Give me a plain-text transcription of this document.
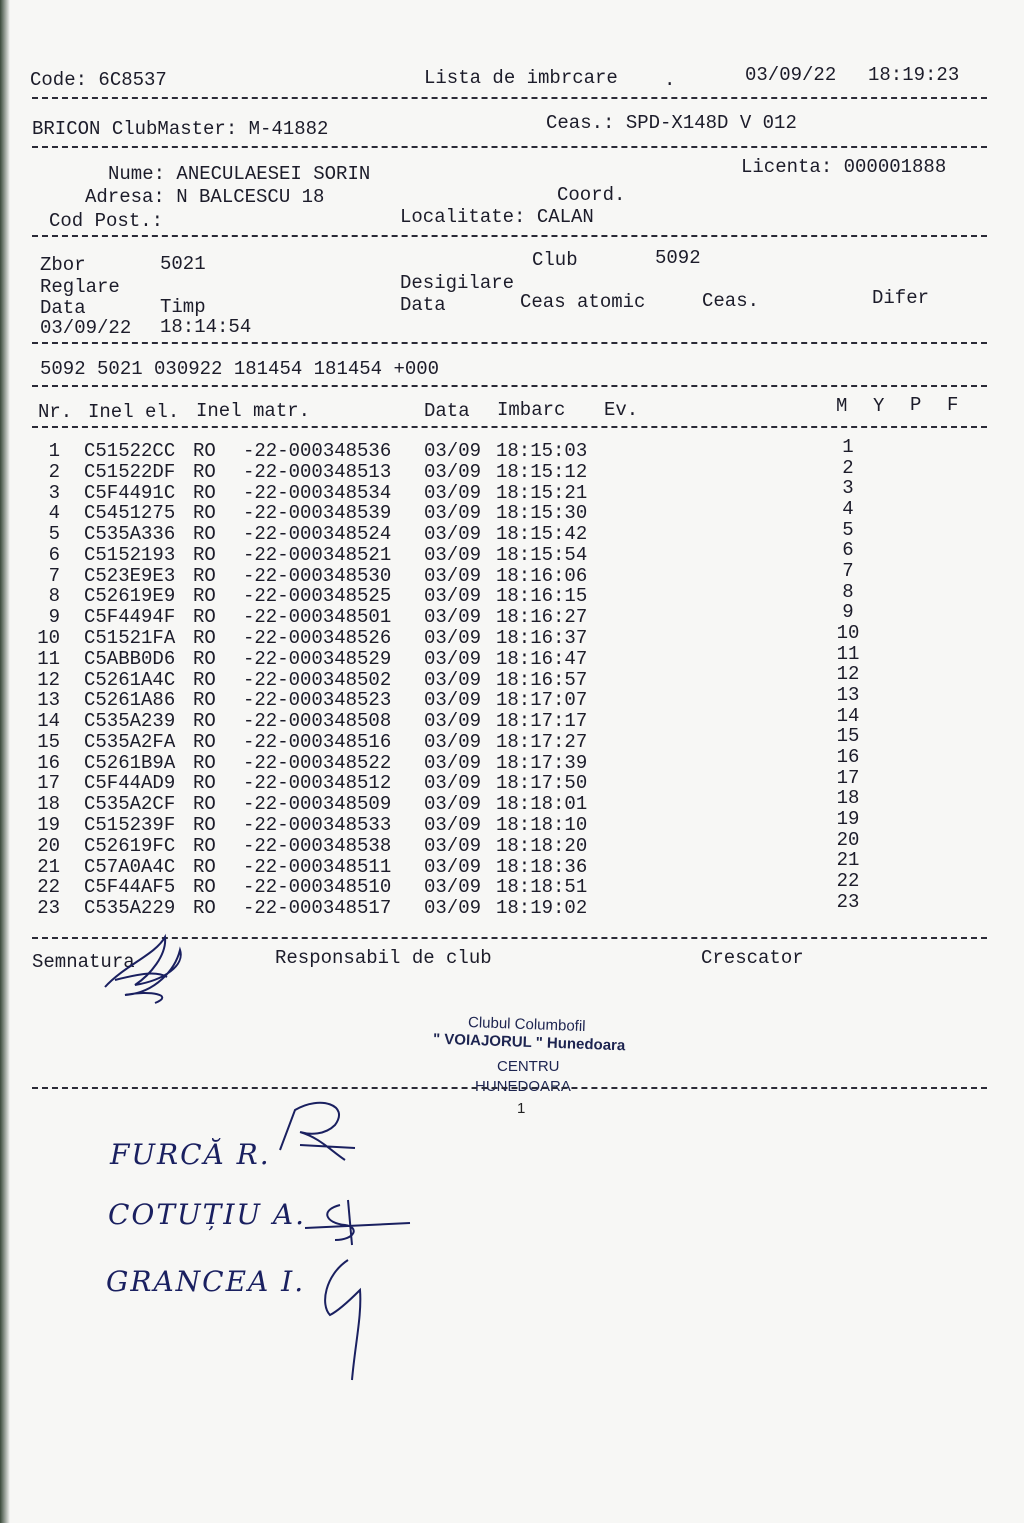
Code: 6C8537	Lista de imbrcare .	03/09/22 18:19:23
BRICON ClubMaster: M-41882	Ceas.: SPD-X148D V 012
Nume: ANECULAESEI SORIN	Licenta: 000001888
Adresa: N BALCESCU 18	Coord.
Cod Post.:	Localitate: CALAN
Zbor	5021	Club	5092
Reglare	Desigilare
Data	Timp	Data	Ceas atomic	Ceas.	Difer
03/09/22 18:14:54
5092 5021 030922 181454 181454 +000
Nr. Inel el. Inel matr.	Data Imbarc Ev.	M Y P F
1 C51522CC RO -22-000348536 03/09 18:15:03	1
2 C51522DF RO -22-000348513 03/09 18:15:12	2
3 C5F4491C RO -22-000348534 03/09 18:15:21	3
4 C5451275 RO -22-000348539 03/09 18:15:30	4
5 C535A336 RO -22-000348524 03/09 18:15:42	5
6 C5152193 RO -22-000348521 03/09 18:15:54	6
7 C523E9E3 RO -22-000348530 03/09 18:16:06	7
8 C52619E9 RO -22-000348525 03/09 18:16:15	8
9 C5F4494F RO -22-000348501 03/09 18:16:27	9
10 C51521FA RO -22-000348526 03/09 18:16:37	10
11 C5ABB0D6 RO -22-000348529 03/09 18:16:47	11
12 C5261A4C RO -22-000348502 03/09 18:16:57	12
13 C5261A86 RO -22-000348523 03/09 18:17:07	13
14 C535A239 RO -22-000348508 03/09 18:17:17	14
15 C535A2FA RO -22-000348516 03/09 18:17:27	15
16 C5261B9A RO -22-000348522 03/09 18:17:39	16
17 C5F44AD9 RO -22-000348512 03/09 18:17:50	17
18 C535A2CF RO -22-000348509 03/09 18:18:01	18
19 C515239F RO -22-000348533 03/09 18:18:10	19
20 C52619FC RO -22-000348538 03/09 18:18:20	20
21 C57A0A4C RO -22-000348511 03/09 18:18:36	21
22 C5F44AF5 RO -22-000348510 03/09 18:18:51	22
23 C535A229 RO -22-000348517 03/09 18:19:02	23
Semnatura	Responsabil de club	Crescator
Clubul Columbofil
" VOIAJORUL " Hunedoara
CENTRU
HUNEDOARA
1
FURCĂ R.
COTUȚIU A.
GRANCEA I.
